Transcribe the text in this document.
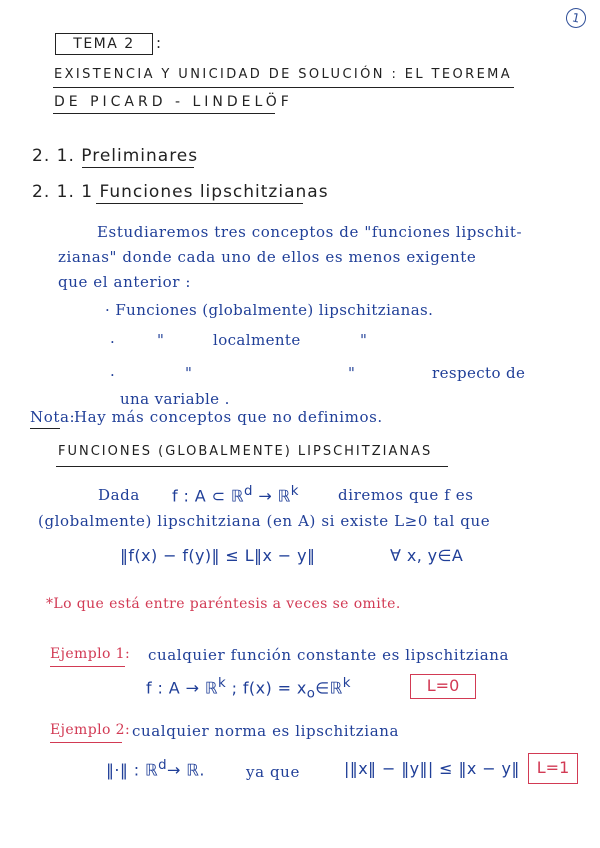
1
TEMA 2	:
EXISTENCIA Y UNICIDAD DE SOLUCIÓN : EL TEOREMA
DE PICARD - LINDELÖF
2. 1. Preliminares
2. 1. 1 Funciones lipschitzianas
Estudiaremos tres conceptos de "funciones lipschit-
zianas" donde cada uno de ellos es menos exigente
que el anterior :
· Funciones (globalmente) lipschitzianas.
·	"	localmente	"
·	"	"	respecto de
una variable .
Nota:
Hay más conceptos que no definimos.
FUNCIONES (GLOBALMENTE) LIPSCHITZIANAS
Dada f : A ⊂ ℝ$^d$ → ℝ$^k$	diremos que f es
(globalmente) lipschitziana (en A) si existe L≥0 tal que
‖f(x) − f(y)‖ ≤ L‖x − y‖	∀ x, y∈A
*Lo que está entre paréntesis a veces se omite.
Ejemplo 1: cualquier función constante es lipschitziana
f : A → ℝ$^k$ ; $f(x) = x_o\in ℝ^k$	L=0
Ejemplo 2: cualquier norma es lipschitziana
‖·‖ : ℝ$^d$→ ℝ.	ya que	|‖x‖ − ‖y‖| ≤ ‖x − y‖	L=1
